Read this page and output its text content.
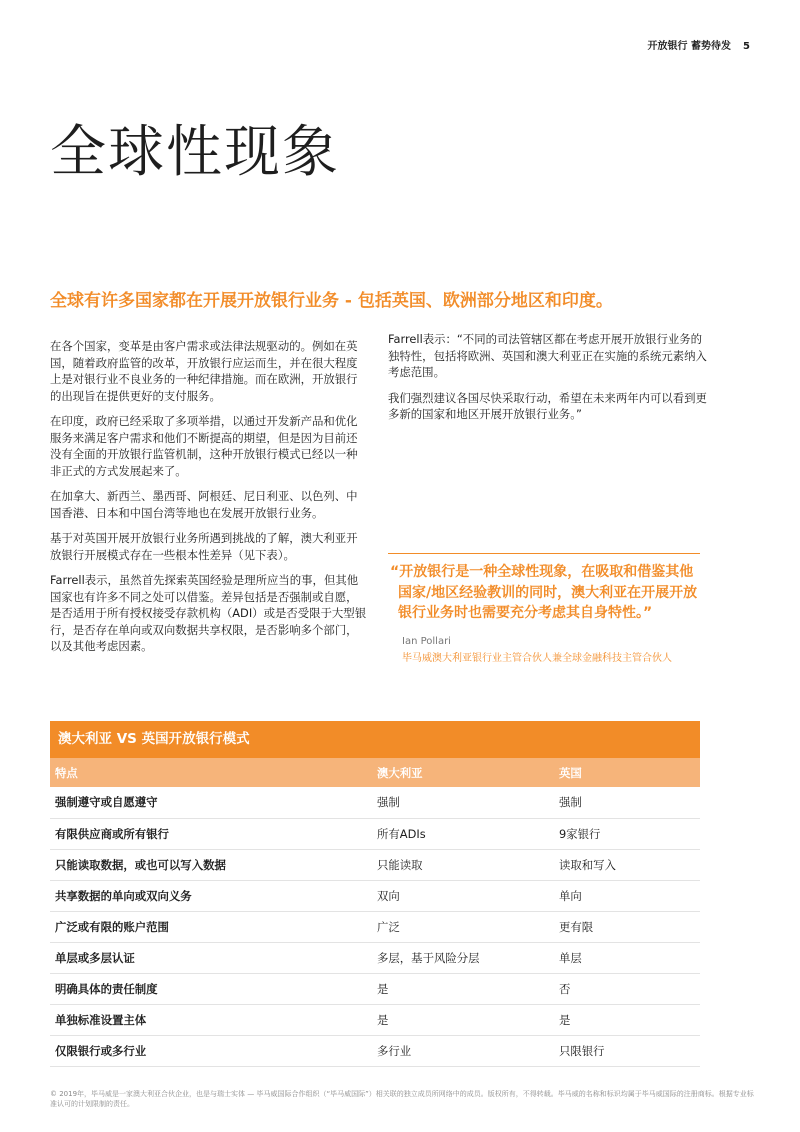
开放银行 蓄势待发 5
全球性现象
全球有许多国家都在开展开放银行业务 - 包括英国、欧洲部分地区和印度。

在各个国家，变革是由客户需求或法律法规驱动的。例如在英国，随着政府监管的改革，开放银行应运而生，并在很大程度上是对银行业不良业务的一种纪律措施。而在欧洲，开放银行的出现旨在提供更好的支付服务。

在印度，政府已经采取了多项举措，以通过开发新产品和优化服务来满足客户需求和他们不断提高的期望，但是因为目前还没有全面的开放银行监管机制，这种开放银行模式已经以一种非正式的方式发展起来了。

在加拿大、新西兰、墨西哥、阿根廷、尼日利亚、以色列、中国香港、日本和中国台湾等地也在发展开放银行业务。

基于对英国开展开放银行业务所遇到挑战的了解，澳大利亚开放银行开展模式存在一些根本性差异（见下表）。

Farrell表示，虽然首先探索英国经验是理所应当的事，但其他国家也有许多不同之处可以借鉴。差异包括是否强制或自愿，是否适用于所有授权接受存款机构（ADI）或是否受限于大型银行，是否存在单向或双向数据共享权限，是否影响多个部门，以及其他考虑因素。

Farrell表示：“不同的司法管辖区都在考虑开展开放银行业务的独特性，包括将欧洲、英国和澳大利亚正在实施的系统元素纳入考虑范围。

我们强烈建议各国尽快采取行动，希望在未来两年内可以看到更多新的国家和地区开展开放银行业务。”

“开放银行是一种全球性现象，在吸取和借鉴其他国家/地区经验教训的同时，澳大利亚在开展开放银行业务时也需要充分考虑其自身特性。”
Ian Pollari
毕马威澳大利亚银行业主管合伙人兼全球金融科技主管合伙人
澳大利亚 VS 英国开放银行模式
特点	澳大利亚	英国
强制遵守或自愿遵守	强制	强制
有限供应商或所有银行	所有ADIs	9家银行
只能读取数据，或也可以写入数据	只能读取	读取和写入
共享数据的单向或双向义务	双向	单向
广泛或有限的账户范围	广泛	更有限
单层或多层认证	多层，基于风险分层	单层
明确具体的责任制度	是	否
单独标准设置主体	是	是
仅限银行或多行业	多行业	只限银行
© 2019年，毕马威是一家澳大利亚合伙企业，也是与瑞士实体 — 毕马威国际合作组织（“毕马威国际”）相关联的独立成员所网络中的成员。版权所有，不得转载。毕马威的名称和标识均属于毕马威国际的注册商标。根据专业标准认可的计划限制的责任。
